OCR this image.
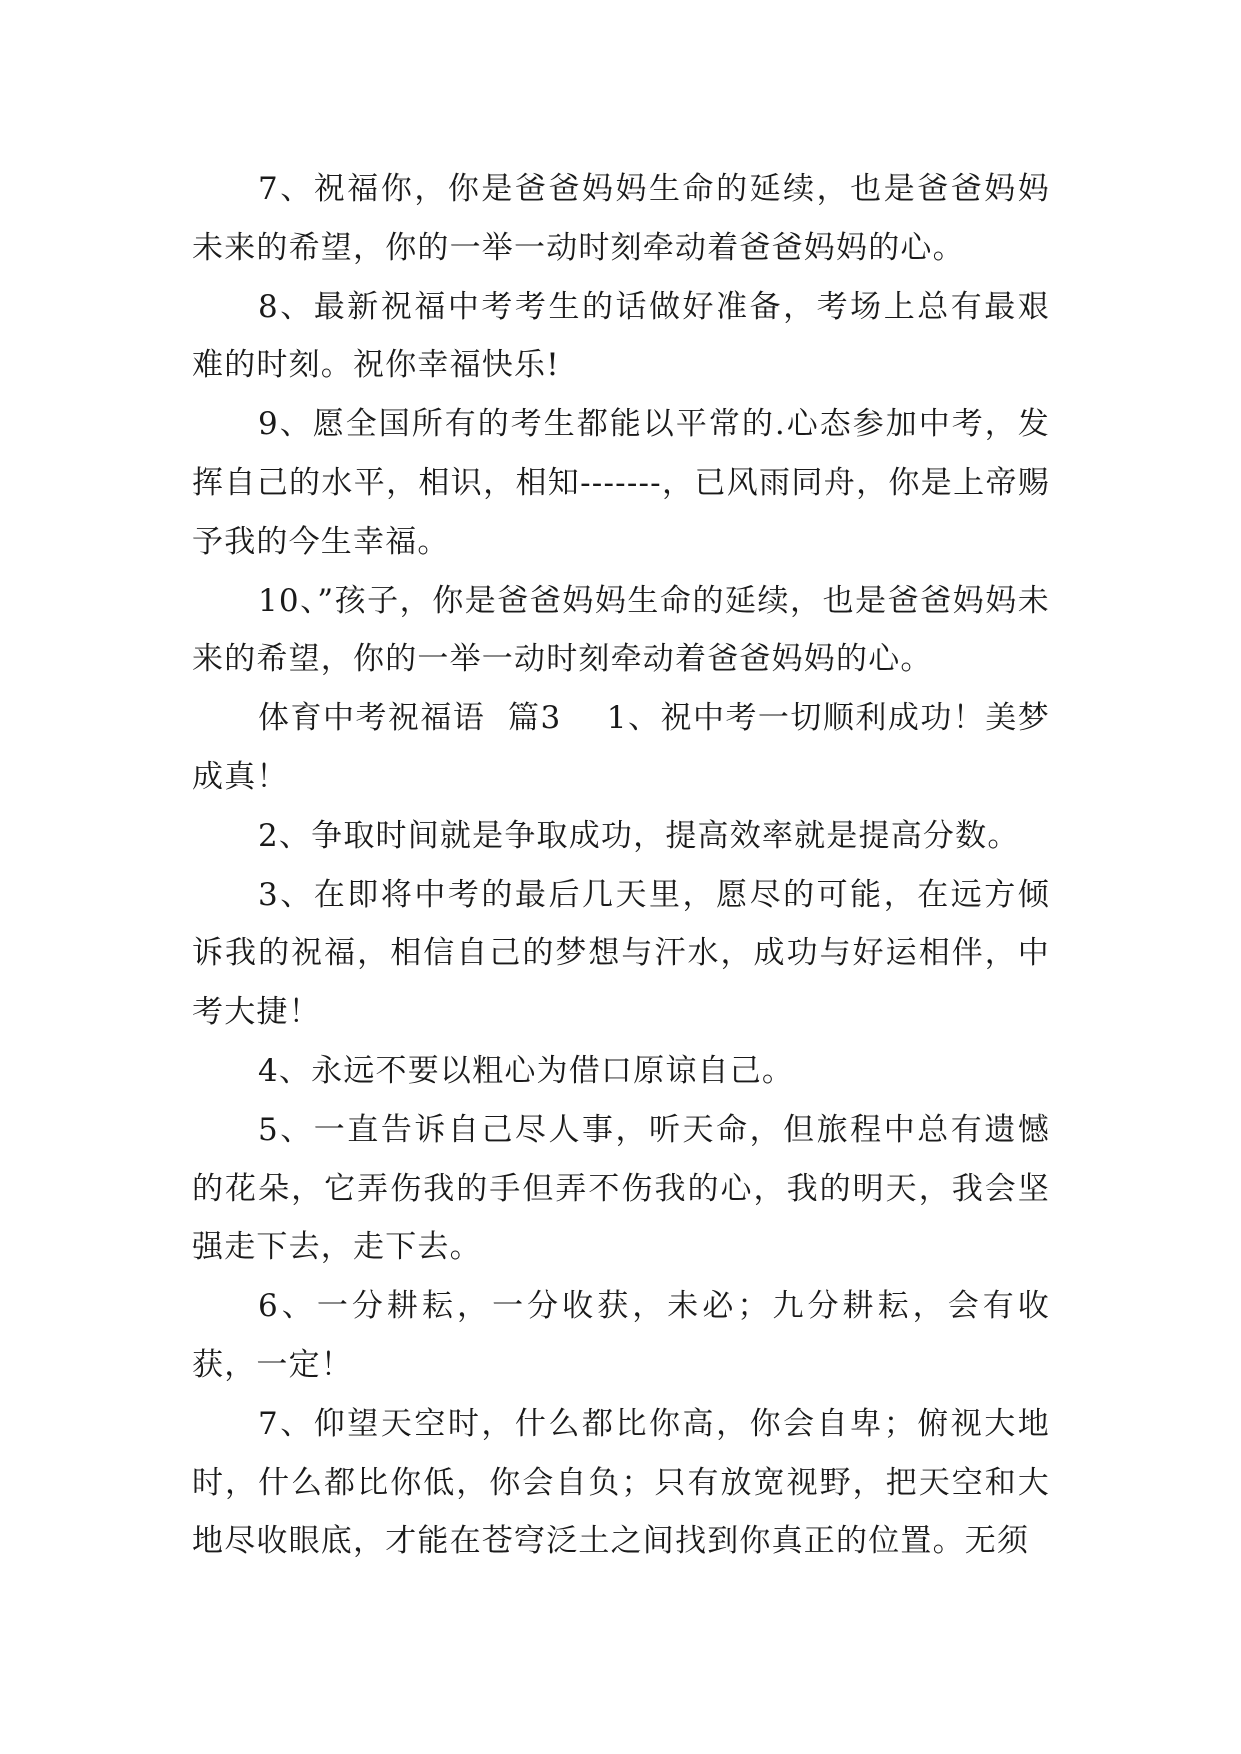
7、祝福你，你是爸爸妈妈生命的延续，也是爸爸妈妈未来的希望，你的一举一动时刻牵动着爸爸妈妈的心。

8、最新祝福中考考生的话做好准备，考场上总有最艰难的时刻。祝你幸福快乐!

9、愿全国所有的考生都能以平常的.心态参加中考，发挥自己的水平，相识，相知-------，已风雨同舟，你是上帝赐予我的今生幸福。

10、”孩子，你是爸爸妈妈生命的延续，也是爸爸妈妈未来的希望，你的一举一动时刻牵动着爸爸妈妈的心。

体育中考祝福语  篇3    1、祝中考一切顺利成功！美梦成真！

2、争取时间就是争取成功，提高效率就是提高分数。

3、在即将中考的最后几天里，愿尽的可能，在远方倾诉我的祝福，相信自己的梦想与汗水，成功与好运相伴，中考大捷！

4、永远不要以粗心为借口原谅自己。

5、一直告诉自己尽人事，听天命，但旅程中总有遗憾的花朵，它弄伤我的手但弄不伤我的心，我的明天，我会坚强走下去，走下去。

6、一分耕耘，一分收获，未必；九分耕耘，会有收获，一定！

7、仰望天空时，什么都比你高，你会自卑；俯视大地时，什么都比你低，你会自负；只有放宽视野，把天空和大地尽收眼底，才能在苍穹泛土之间找到你真正的位置。无须
